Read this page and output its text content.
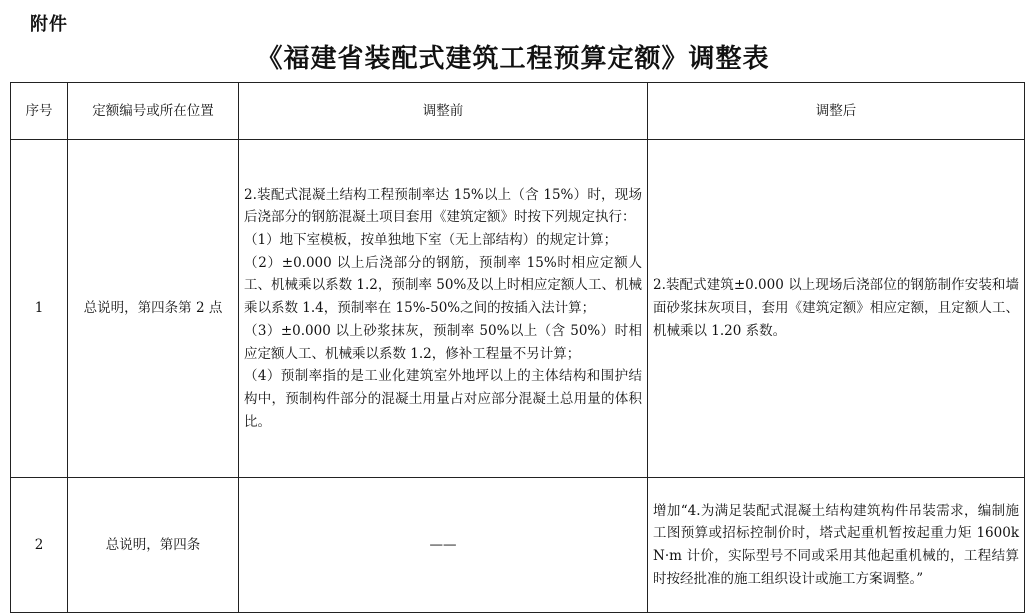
附件
《福建省装配式建筑工程预算定额》调整表
序号	定额编号或所在位置	调整前	调整后
1	总说明，第四条第 2 点	2.装配式混凝土结构工程预制率达 15%以上（含 15%）时，现场后浇部分的钢筋混凝土项目套用《建筑定额》时按下列规定执行：
（1）地下室模板，按单独地下室（无上部结构）的规定计算；
（2）±0.000 以上后浇部分的钢筋，预制率 15%时相应定额人工、机械乘以系数 1.2，预制率 50%及以上时相应定额人工、机械乘以系数 1.4，预制率在 15%-50%之间的按插入法计算；
（3）±0.000 以上砂浆抹灰，预制率 50%以上（含 50%）时相应定额人工、机械乘以系数 1.2，修补工程量不另计算；
（4）预制率指的是工业化建筑室外地坪以上的主体结构和围护结构中，预制构件部分的混凝土用量占对应部分混凝土总用量的体积比。	2.装配式建筑±0.000 以上现场后浇部位的钢筋制作安装和墙面砂浆抹灰项目，套用《建筑定额》相应定额，且定额人工、机械乘以 1.20 系数。
2	总说明，第四条	——	增加“4.为满足装配式混凝土结构建筑构件吊装需求，编制施工图预算或招标控制价时，塔式起重机暂按起重力矩 1600kN·m 计价，实际型号不同或采用其他起重机械的，工程结算时按经批准的施工组织设计或施工方案调整。”
